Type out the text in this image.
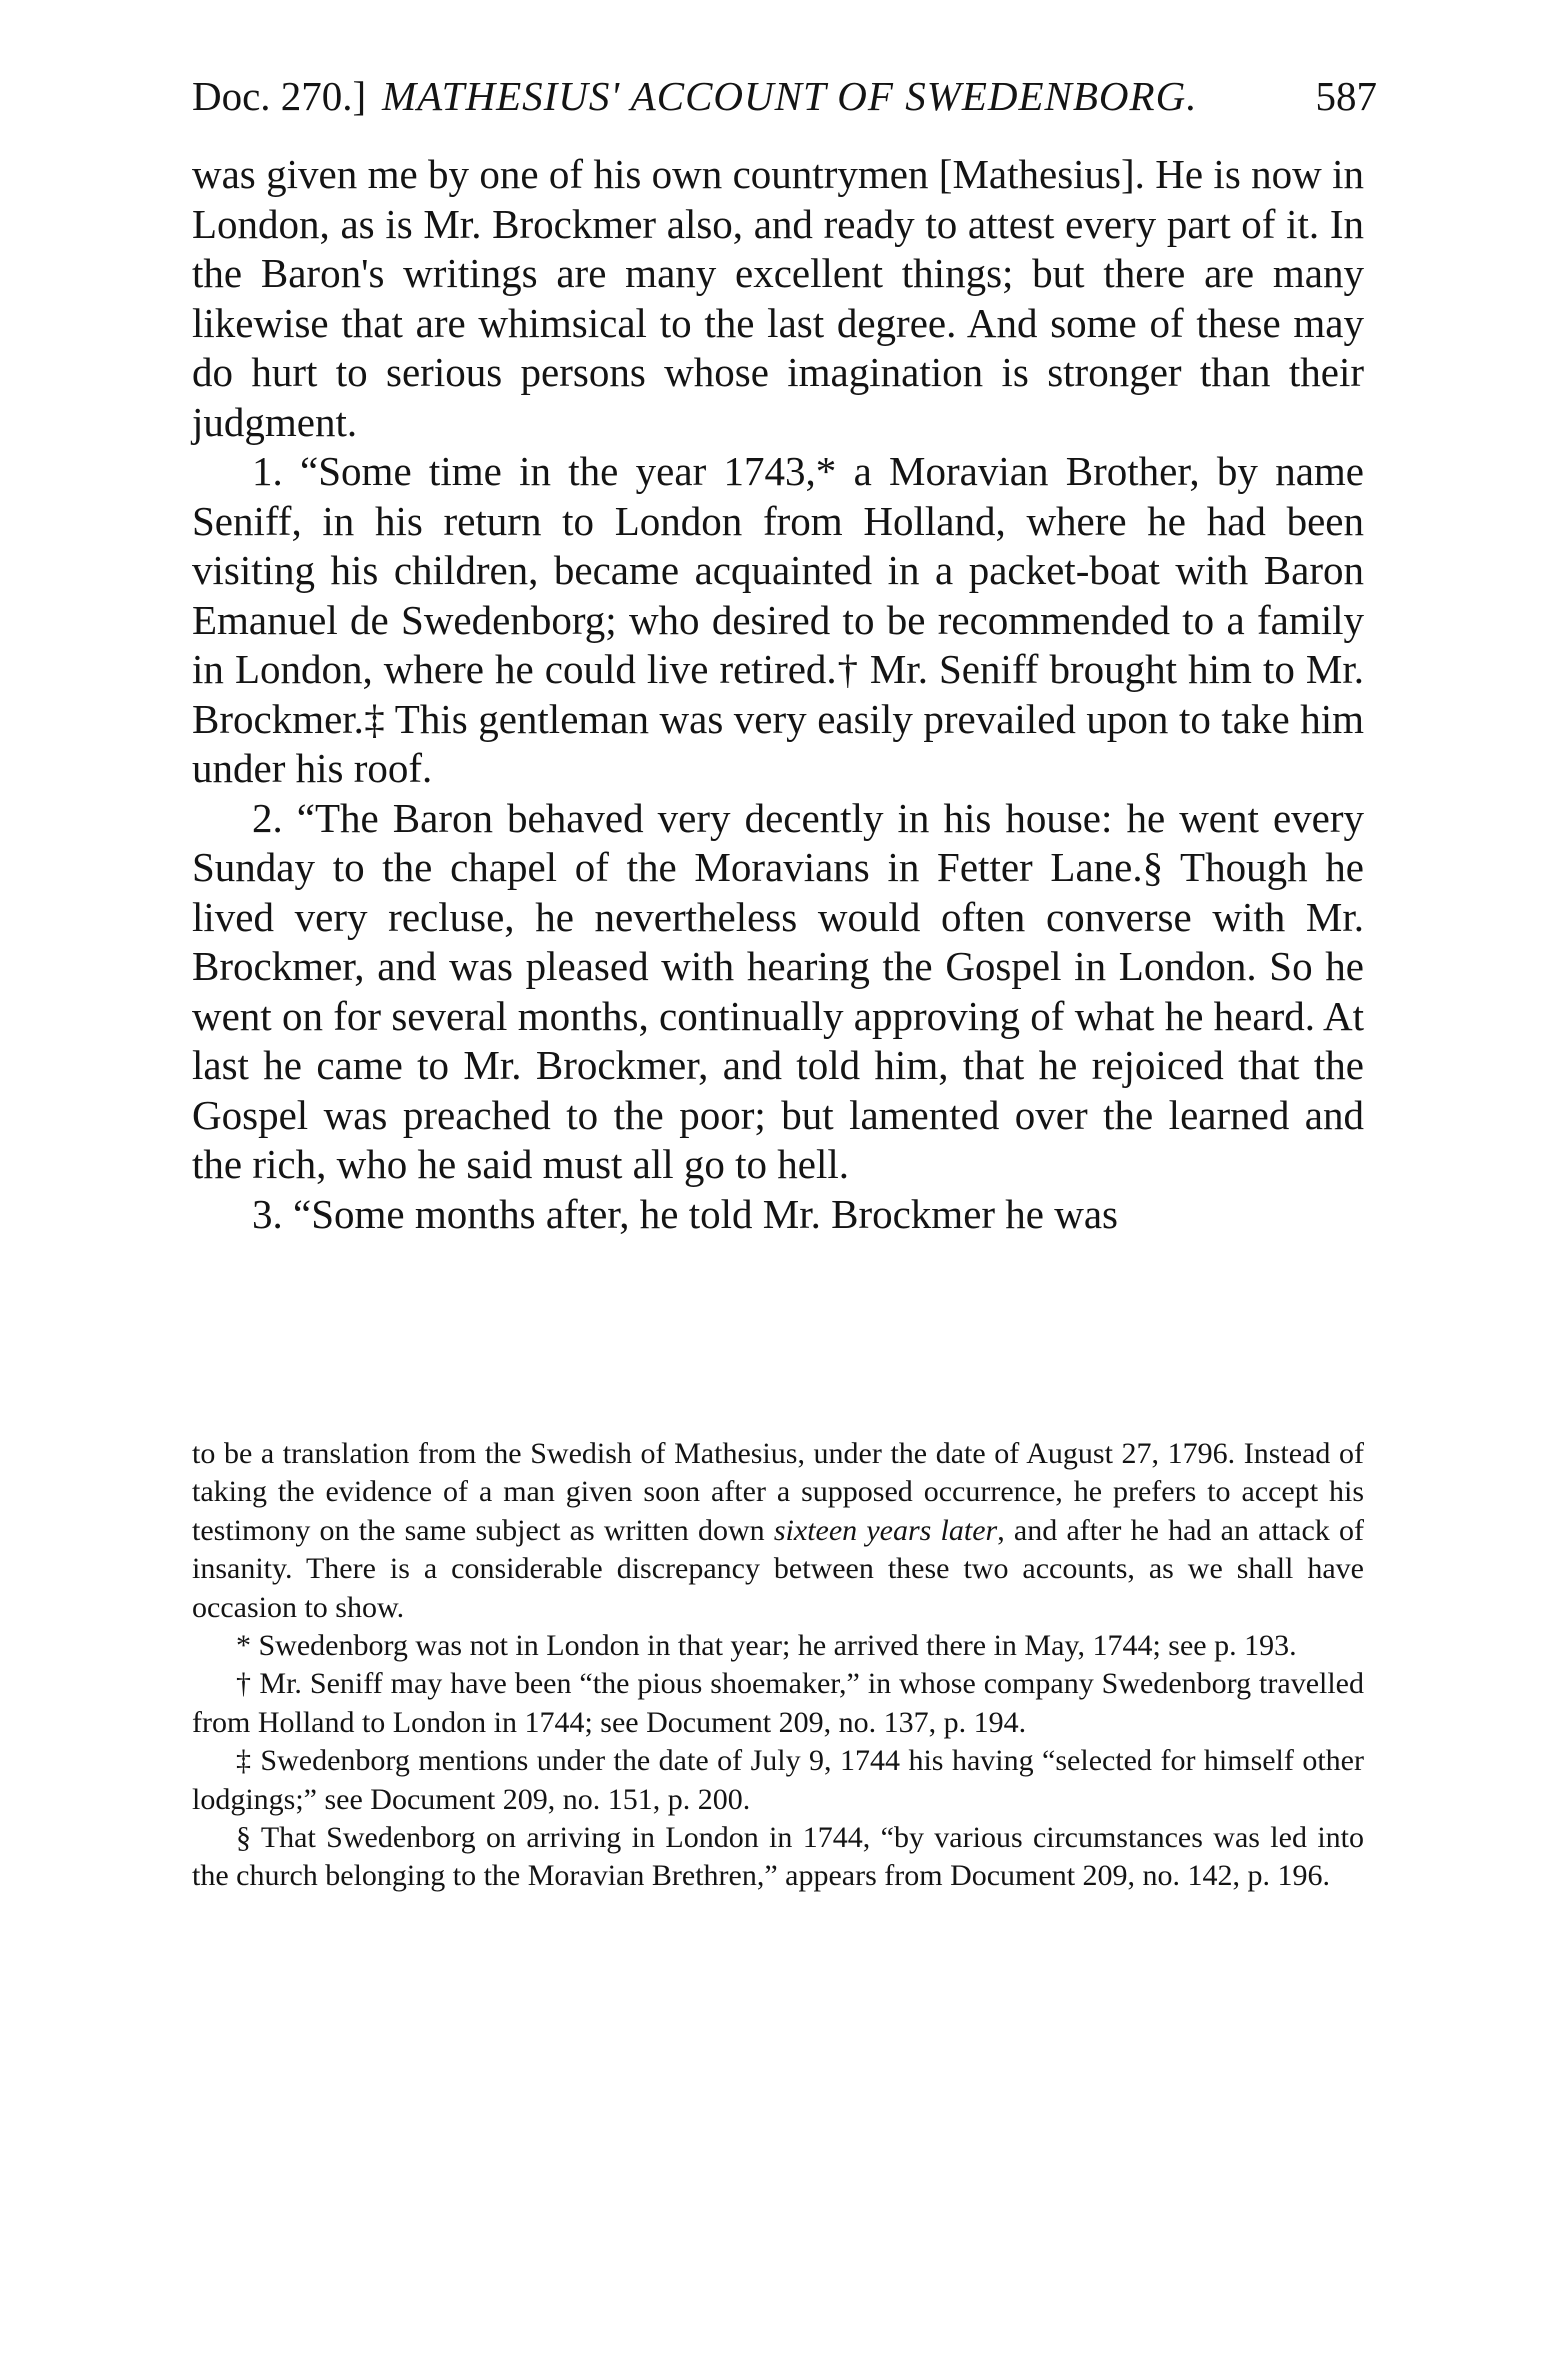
Doc. 270.] MATHESIUS' ACCOUNT OF SWEDENBORG.	587

was given me by one of his own countrymen [Mathesius]. He is now in London, as is Mr. Brockmer also, and ready to attest every part of it. In the Baron's writings are many excellent things; but there are many likewise that are whimsical to the last degree. And some of these may do hurt to serious persons whose imagination is stronger than their judgment.

1. “Some time in the year 1743,* a Moravian Brother, by name Seniff, in his return to London from Holland, where he had been visiting his children, became acquainted in a packet-boat with Baron Emanuel de Swedenborg; who desired to be recommended to a family in London, where he could live retired.† Mr. Seniff brought him to Mr. Brockmer.‡ This gentleman was very easily prevailed upon to take him under his roof.

2. “The Baron behaved very decently in his house: he went every Sunday to the chapel of the Moravians in Fetter Lane.§ Though he lived very recluse, he nevertheless would often converse with Mr. Brockmer, and was pleased with hearing the Gospel in London. So he went on for several months, continually approving of what he heard. At last he came to Mr. Brockmer, and told him, that he rejoiced that the Gospel was preached to the poor; but lamented over the learned and the rich, who he said must all go to hell.

3. “Some months after, he told Mr. Brockmer he was

to be a translation from the Swedish of Mathesius, under the date of August 27, 1796. Instead of taking the evidence of a man given soon after a supposed occurrence, he prefers to accept his testimony on the same subject as written down sixteen years later, and after he had an attack of insanity. There is a considerable discrepancy between these two accounts, as we shall have occasion to show.

* Swedenborg was not in London in that year; he arrived there in May, 1744; see p. 193.

† Mr. Seniff may have been “the pious shoemaker,” in whose company Swedenborg travelled from Holland to London in 1744; see Document 209, no. 137, p. 194.

‡ Swedenborg mentions under the date of July 9, 1744 his having “selected for himself other lodgings;” see Document 209, no. 151, p. 200.

§ That Swedenborg on arriving in London in 1744, “by various circumstances was led into the church belonging to the Moravian Brethren,” appears from Document 209, no. 142, p. 196.
